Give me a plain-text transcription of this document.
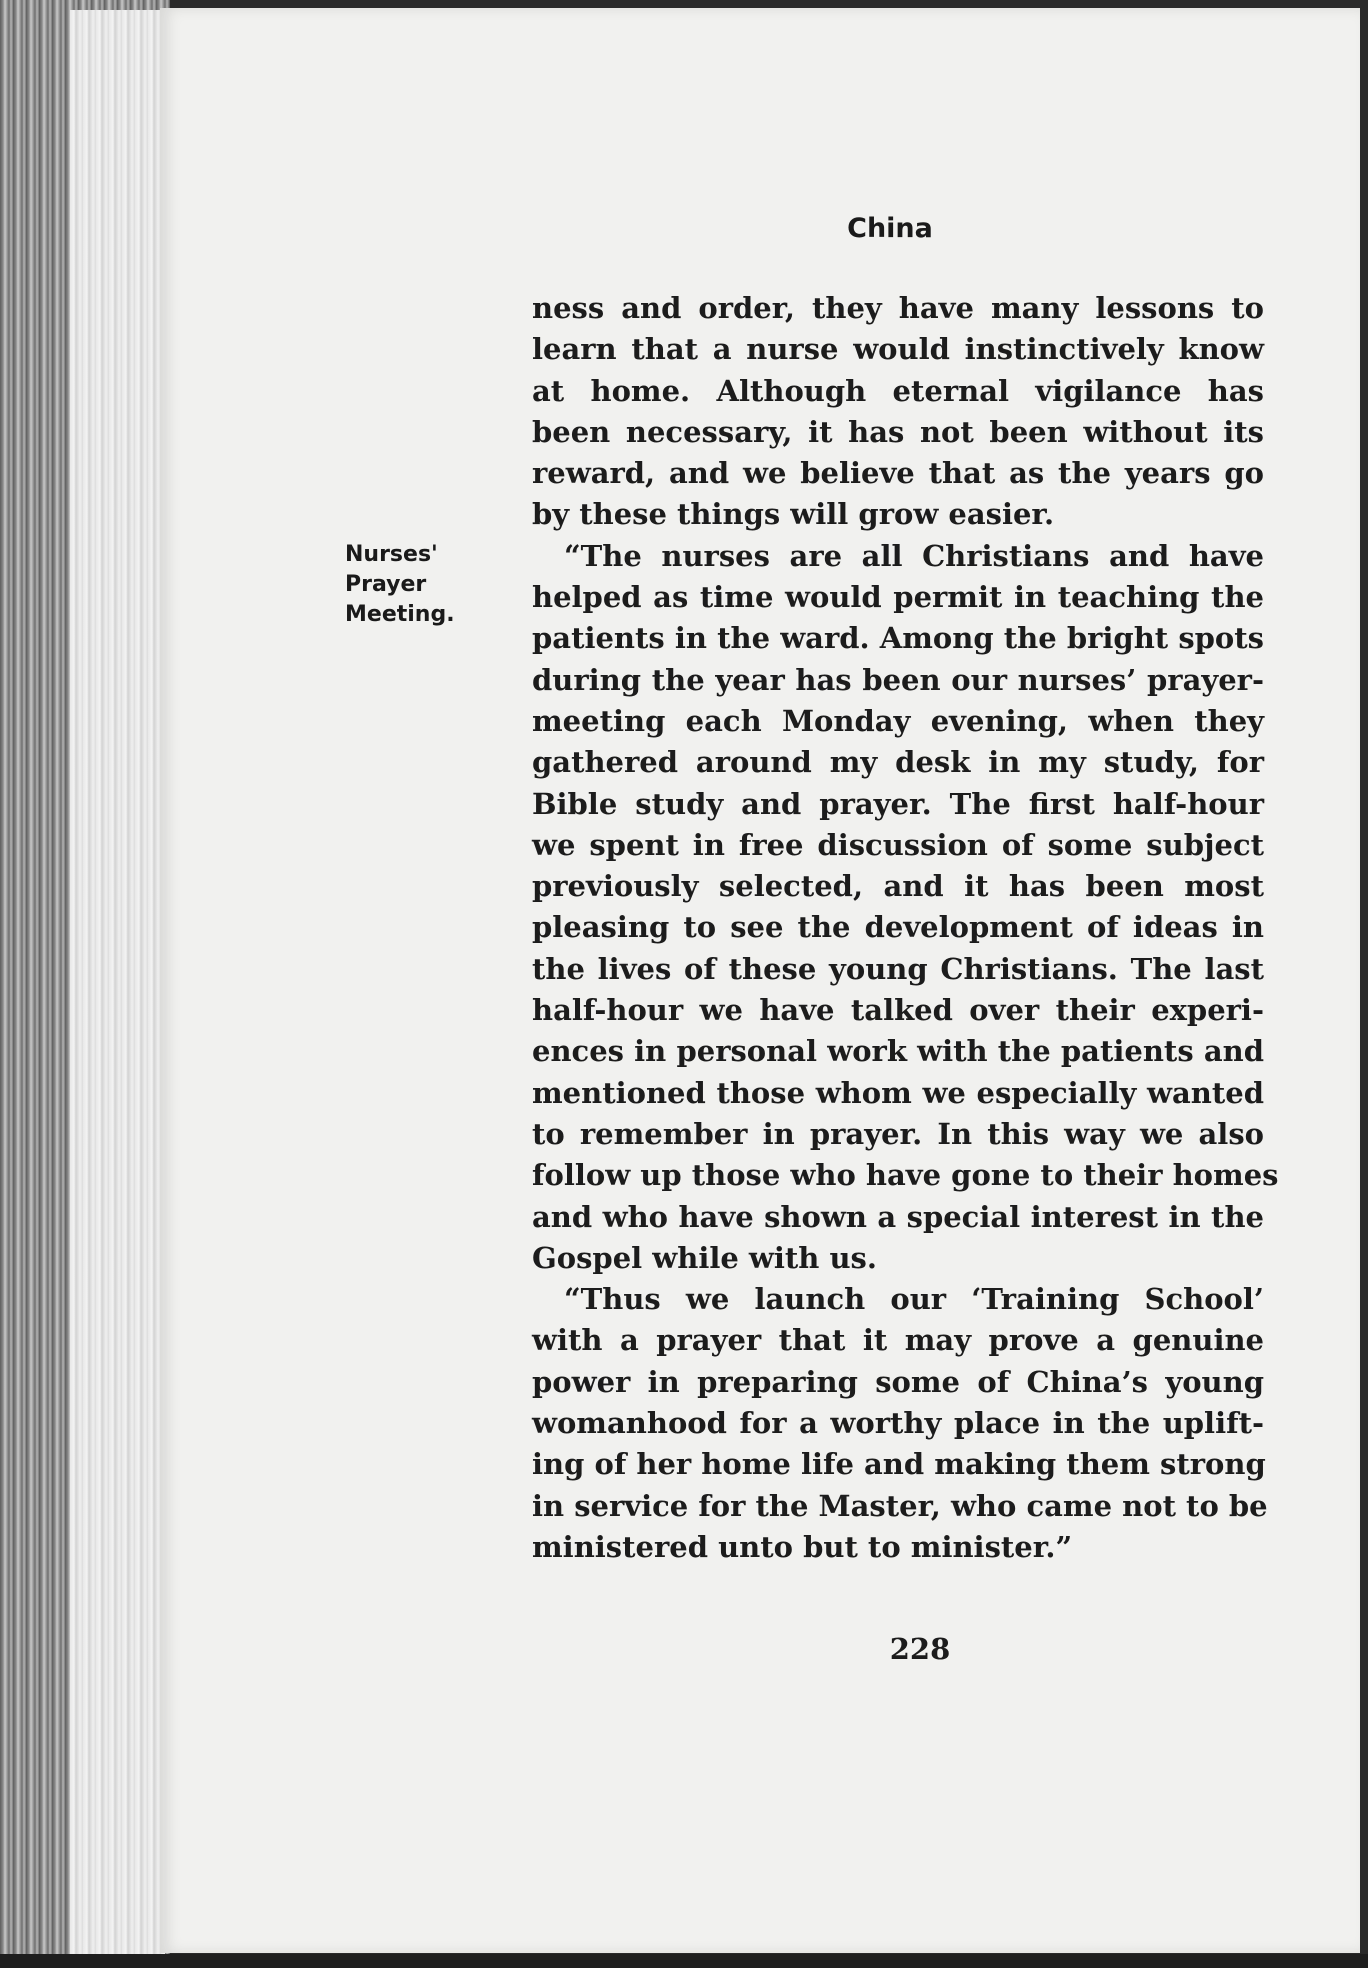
China
Nurses'
Prayer
Meeting.
ness and order, they have many lessons to
learn that a nurse would instinctively know
at home. Although eternal vigilance has
been necessary, it has not been without its
reward, and we believe that as the years go
by these things will grow easier.
“The nurses are all Christians and have
helped as time would permit in teaching the
patients in the ward. Among the bright spots
during the year has been our nurses’ prayer-
meeting each Monday evening, when they
gathered around my desk in my study, for
Bible study and prayer. The first half-hour
we spent in free discussion of some subject
previously selected, and it has been most
pleasing to see the development of ideas in
the lives of these young Christians. The last
half-hour we have talked over their experi-
ences in personal work with the patients and
mentioned those whom we especially wanted
to remember in prayer. In this way we also
follow up those who have gone to their homes
and who have shown a special interest in the
Gospel while with us.
“Thus we launch our ‘Training School’
with a prayer that it may prove a genuine
power in preparing some of China’s young
womanhood for a worthy place in the uplift-
ing of her home life and making them strong
in service for the Master, who came not to be
ministered unto but to minister.”
228
